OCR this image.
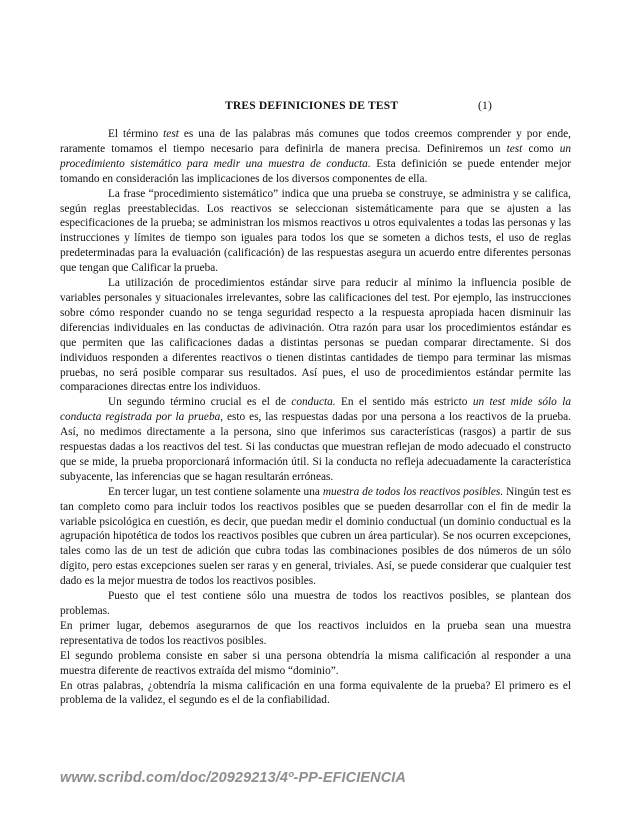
TRES DEFINICIONES DE TEST	(1)

El término test es una de las palabras más comunes que todos creemos comprender y por ende, raramente tomamos el tiempo necesario para definirla de manera precisa. Definiremos un test como un procedimiento sistemático para medir una muestra de conducta. Esta definición se puede entender mejor tomando en consideración las implicaciones de los diversos componentes de ella.

La frase “procedimiento sistemático” indica que una prueba se construye, se administra y se califica, según reglas preestablecidas. Los reactivos se seleccionan sistemáticamente para que se ajusten a las especificaciones de la prueba; se administran los mismos reactivos u otros equivalentes a todas las personas y las instrucciones y límites de tiempo son iguales para todos los que se someten a dichos tests, el uso de reglas predeterminadas para la evaluación (calificación) de las respuestas asegura un acuerdo entre diferentes personas que tengan que Calificar la prueba.

La utilización de procedimientos estándar sirve para reducir al mínimo la influencia posible de variables personales y situacionales irrelevantes, sobre las calificaciones del test. Por ejemplo, las instrucciones sobre cómo responder cuando no se tenga seguridad respecto a la respuesta apropiada hacen disminuir las diferencias individuales en las conductas de adivinación. Otra razón para usar los procedimientos estándar es que permiten que las calificaciones dadas a distintas personas se puedan comparar directamente. Si dos individuos responden a diferentes reactivos o tienen distintas cantidades de tiempo para terminar las mismas pruebas, no será posible comparar sus resultados. Así pues, el uso de procedimientos estándar permite las comparaciones directas entre los individuos.

Un segundo término crucial es el de conducta. En el sentido más estricto un test mide sólo la conducta registrada por la prueba, esto es, las respuestas dadas por una persona a los reactivos de la prueba. Así, no medimos directamente a la persona, sino que inferimos sus características (rasgos) a partir de sus respuestas dadas a los reactivos del test. Si las conductas que muestran reflejan de modo adecuado el constructo que se mide, la prueba proporcionará información útil. Si la conducta no refleja adecuadamente la característica subyacente, las inferencias que se hagan resultarán erróneas.

En tercer lugar, un test contiene solamente una muestra de todos los reactivos posibles. Ningún test es tan completo como para incluir todos los reactivos posibles que se pueden desarrollar con el fin de medir la variable psicológica en cuestión, es decir, que puedan medir el dominio conductual (un dominio conductual es la agrupación hipotética de todos los reactivos posibles que cubren un área particular). Se nos ocurren excepciones, tales como las de un test de adición que cubra todas las combinaciones posibles de dos números de un sólo dígito, pero estas excepciones suelen ser raras y en general, triviales. Así, se puede considerar que cualquier test dado es la mejor muestra de todos los reactivos posibles.

Puesto que el test contiene sólo una muestra de todos los reactivos posibles, se plantean dos problemas.

En primer lugar, debemos asegurarnos de que los reactivos incluidos en la prueba sean una muestra representativa de todos los reactivos posibles.

El segundo problema consiste en saber si una persona obtendría la misma calificación al responder a una muestra diferente de reactivos extraída del mismo “dominio”.

En otras palabras, ¿obtendría la misma calificación en una forma equivalente de la prueba? El primero es el problema de la validez, el segundo es el de la confiabilidad.

www.scribd.com/doc/20929213/4º-PP-EFICIENCIA
